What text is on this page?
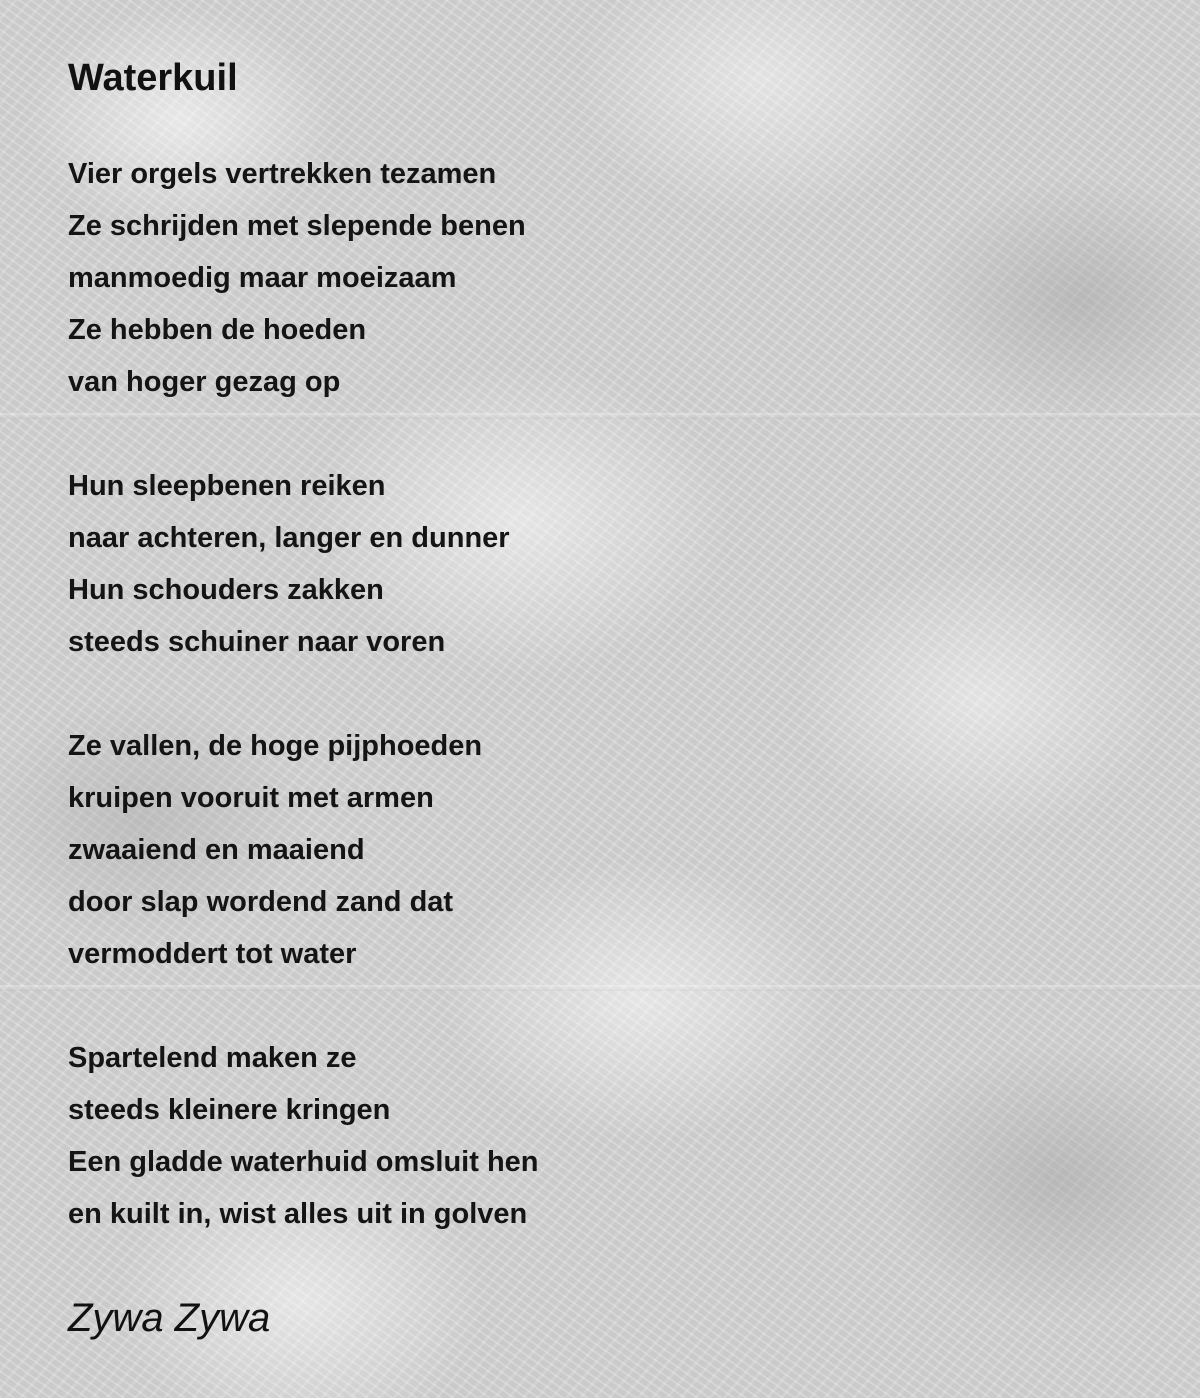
Waterkuil
Vier orgels vertrekken tezamen
Ze schrijden met slepende benen
manmoedig maar moeizaam
Ze hebben de hoeden
van hoger gezag op
Hun sleepbenen reiken
naar achteren, langer en dunner
Hun schouders zakken
steeds schuiner naar voren
Ze vallen, de hoge pijphoeden
kruipen vooruit met armen
zwaaiend en maaiend
door slap wordend zand dat
vermoddert tot water
Spartelend maken ze
steeds kleinere kringen
Een gladde waterhuid omsluit hen
en kuilt in, wist alles uit in golven
Zywa Zywa
